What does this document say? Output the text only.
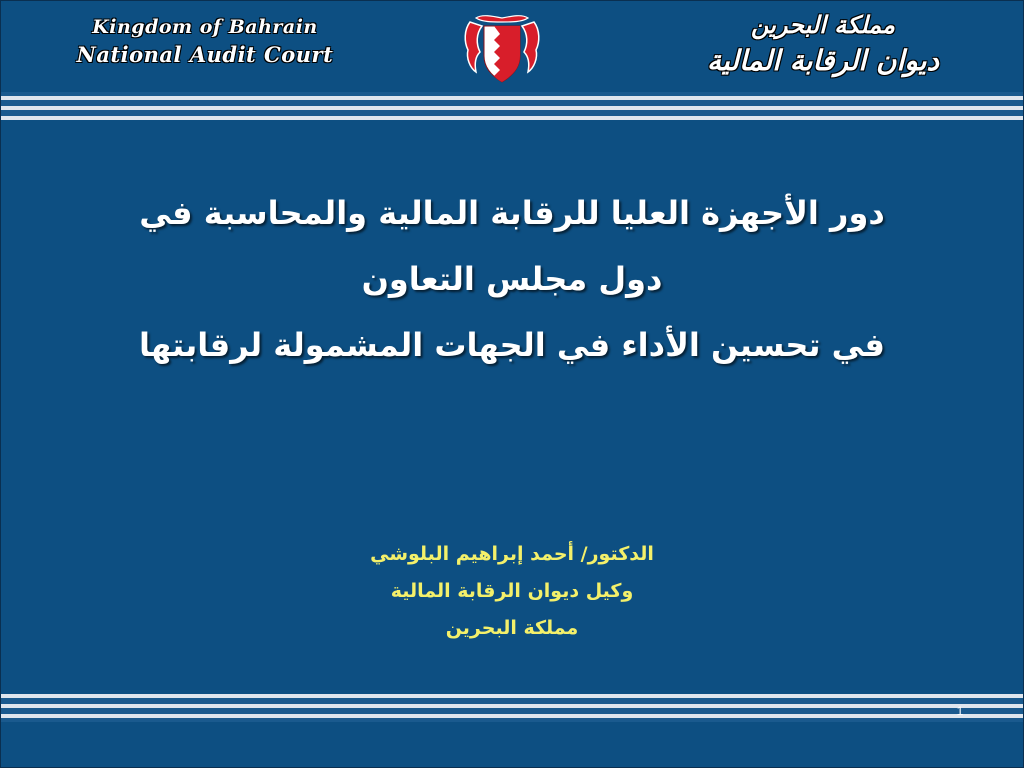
Kingdom of Bahrain
National Audit Court
مملكة البحرين
ديوان الرقابة المالية
دور الأجهزة العليا للرقابة المالية والمحاسبة في
دول مجلس التعاون
في تحسين الأداء في الجهات المشمولة لرقابتها
الدكتور/ أحمد إبراهيم البلوشي
وكيل ديوان الرقابة المالية
مملكة البحرين
1
